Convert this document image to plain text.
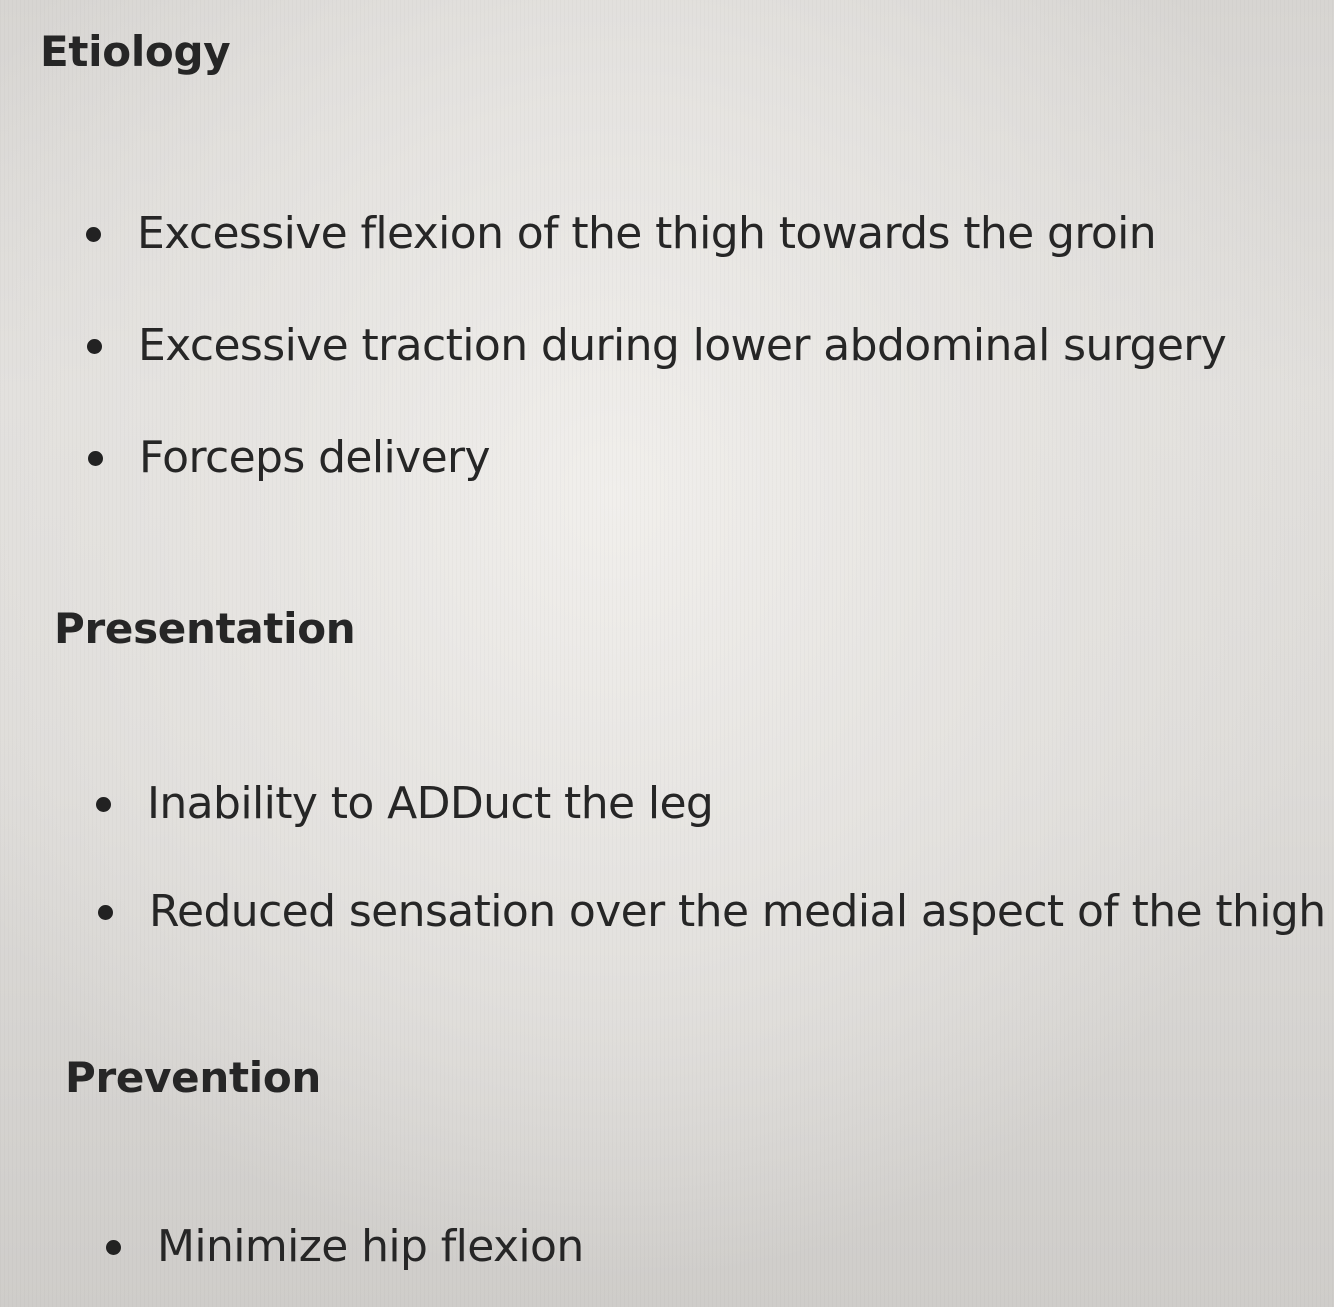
Etiology
Excessive flexion of the thigh towards the groin
Excessive traction during lower abdominal surgery
Forceps delivery
Presentation
Inability to ADDuct the leg
Reduced sensation over the medial aspect of the thigh
Prevention
Minimize hip flexion
